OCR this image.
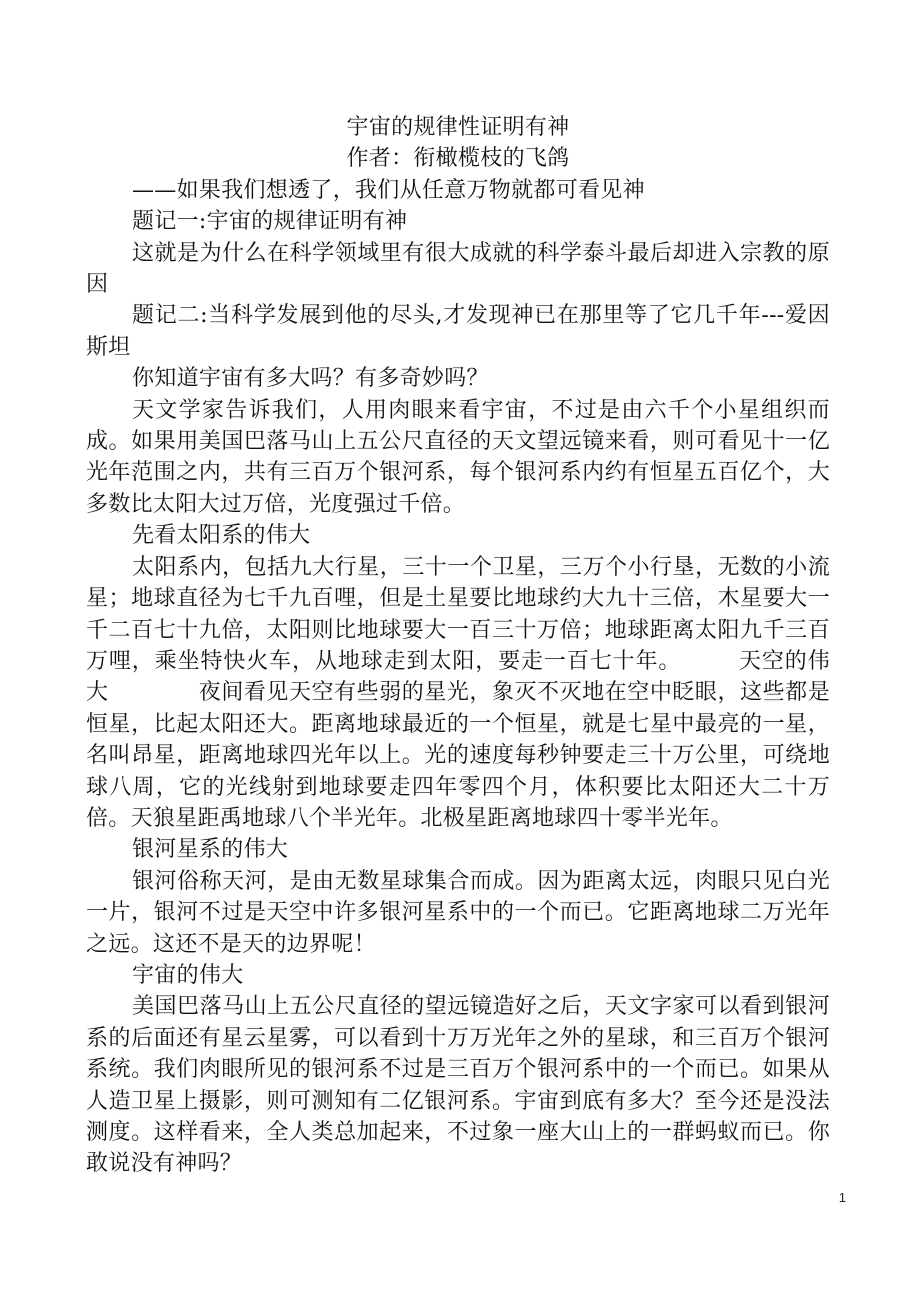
宇宙的规律性证明有神

作者：衔橄榄枝的飞鸽

——如果我们想透了，我们从任意万物就都可看见神

题记一:宇宙的规律证明有神

这就是为什么在科学领域里有很大成就的科学泰斗最后却进入宗教的原因

题记二:当科学发展到他的尽头,才发现神已在那里等了它几千年---爱因斯坦

你知道宇宙有多大吗？有多奇妙吗？

天文学家告诉我们，人用肉眼来看宇宙，不过是由六千个小星组织而成。如果用美国巴落马山上五公尺直径的天文望远镜来看，则可看见十一亿光年范围之内，共有三百万个银河系，每个银河系内约有恒星五百亿个，大多数比太阳大过万倍，光度强过千倍。

先看太阳系的伟大

太阳系内，包括九大行星，三十一个卫星，三万个小行垦，无数的小流星；地球直径为七千九百哩，但是土星要比地球约大九十三倍，木星要大一千二百七十九倍，太阳则比地球要大一百三十万倍；地球距离太阳九千三百万哩，乘坐特快火车，从地球走到太阳，要走一百七十年。　　　天空的伟大　　　　夜间看见天空有些弱的星光，象灭不灭地在空中眨眼，这些都是恒星，比起太阳还大。距离地球最近的一个恒星，就是七星中最亮的一星，名叫昂星，距离地球四光年以上。光的速度每秒钟要走三十万公里，可绕地球八周，它的光线射到地球要走四年零四个月，体积要比太阳还大二十万倍。天狼星距禹地球八个半光年。北极星距离地球四十零半光年。

银河星系的伟大

银河俗称天河，是由无数星球集合而成。因为距离太远，肉眼只见白光一片，银河不过是天空中许多银河星系中的一个而已。它距离地球二万光年之远。这还不是天的边界呢！

宇宙的伟大

美国巴落马山上五公尺直径的望远镜造好之后，天文字家可以看到银河系的后面还有星云星雾，可以看到十万万光年之外的星球，和三百万个银河系统。我们肉眼所见的银河系不过是三百万个银河系中的一个而已。如果从人造卫星上摄影，则可测知有二亿银河系。宇宙到底有多大？至今还是没法测度。这样看来，全人类总加起来，不过象一座大山上的一群蚂蚁而已。你敢说没有神吗？

1
